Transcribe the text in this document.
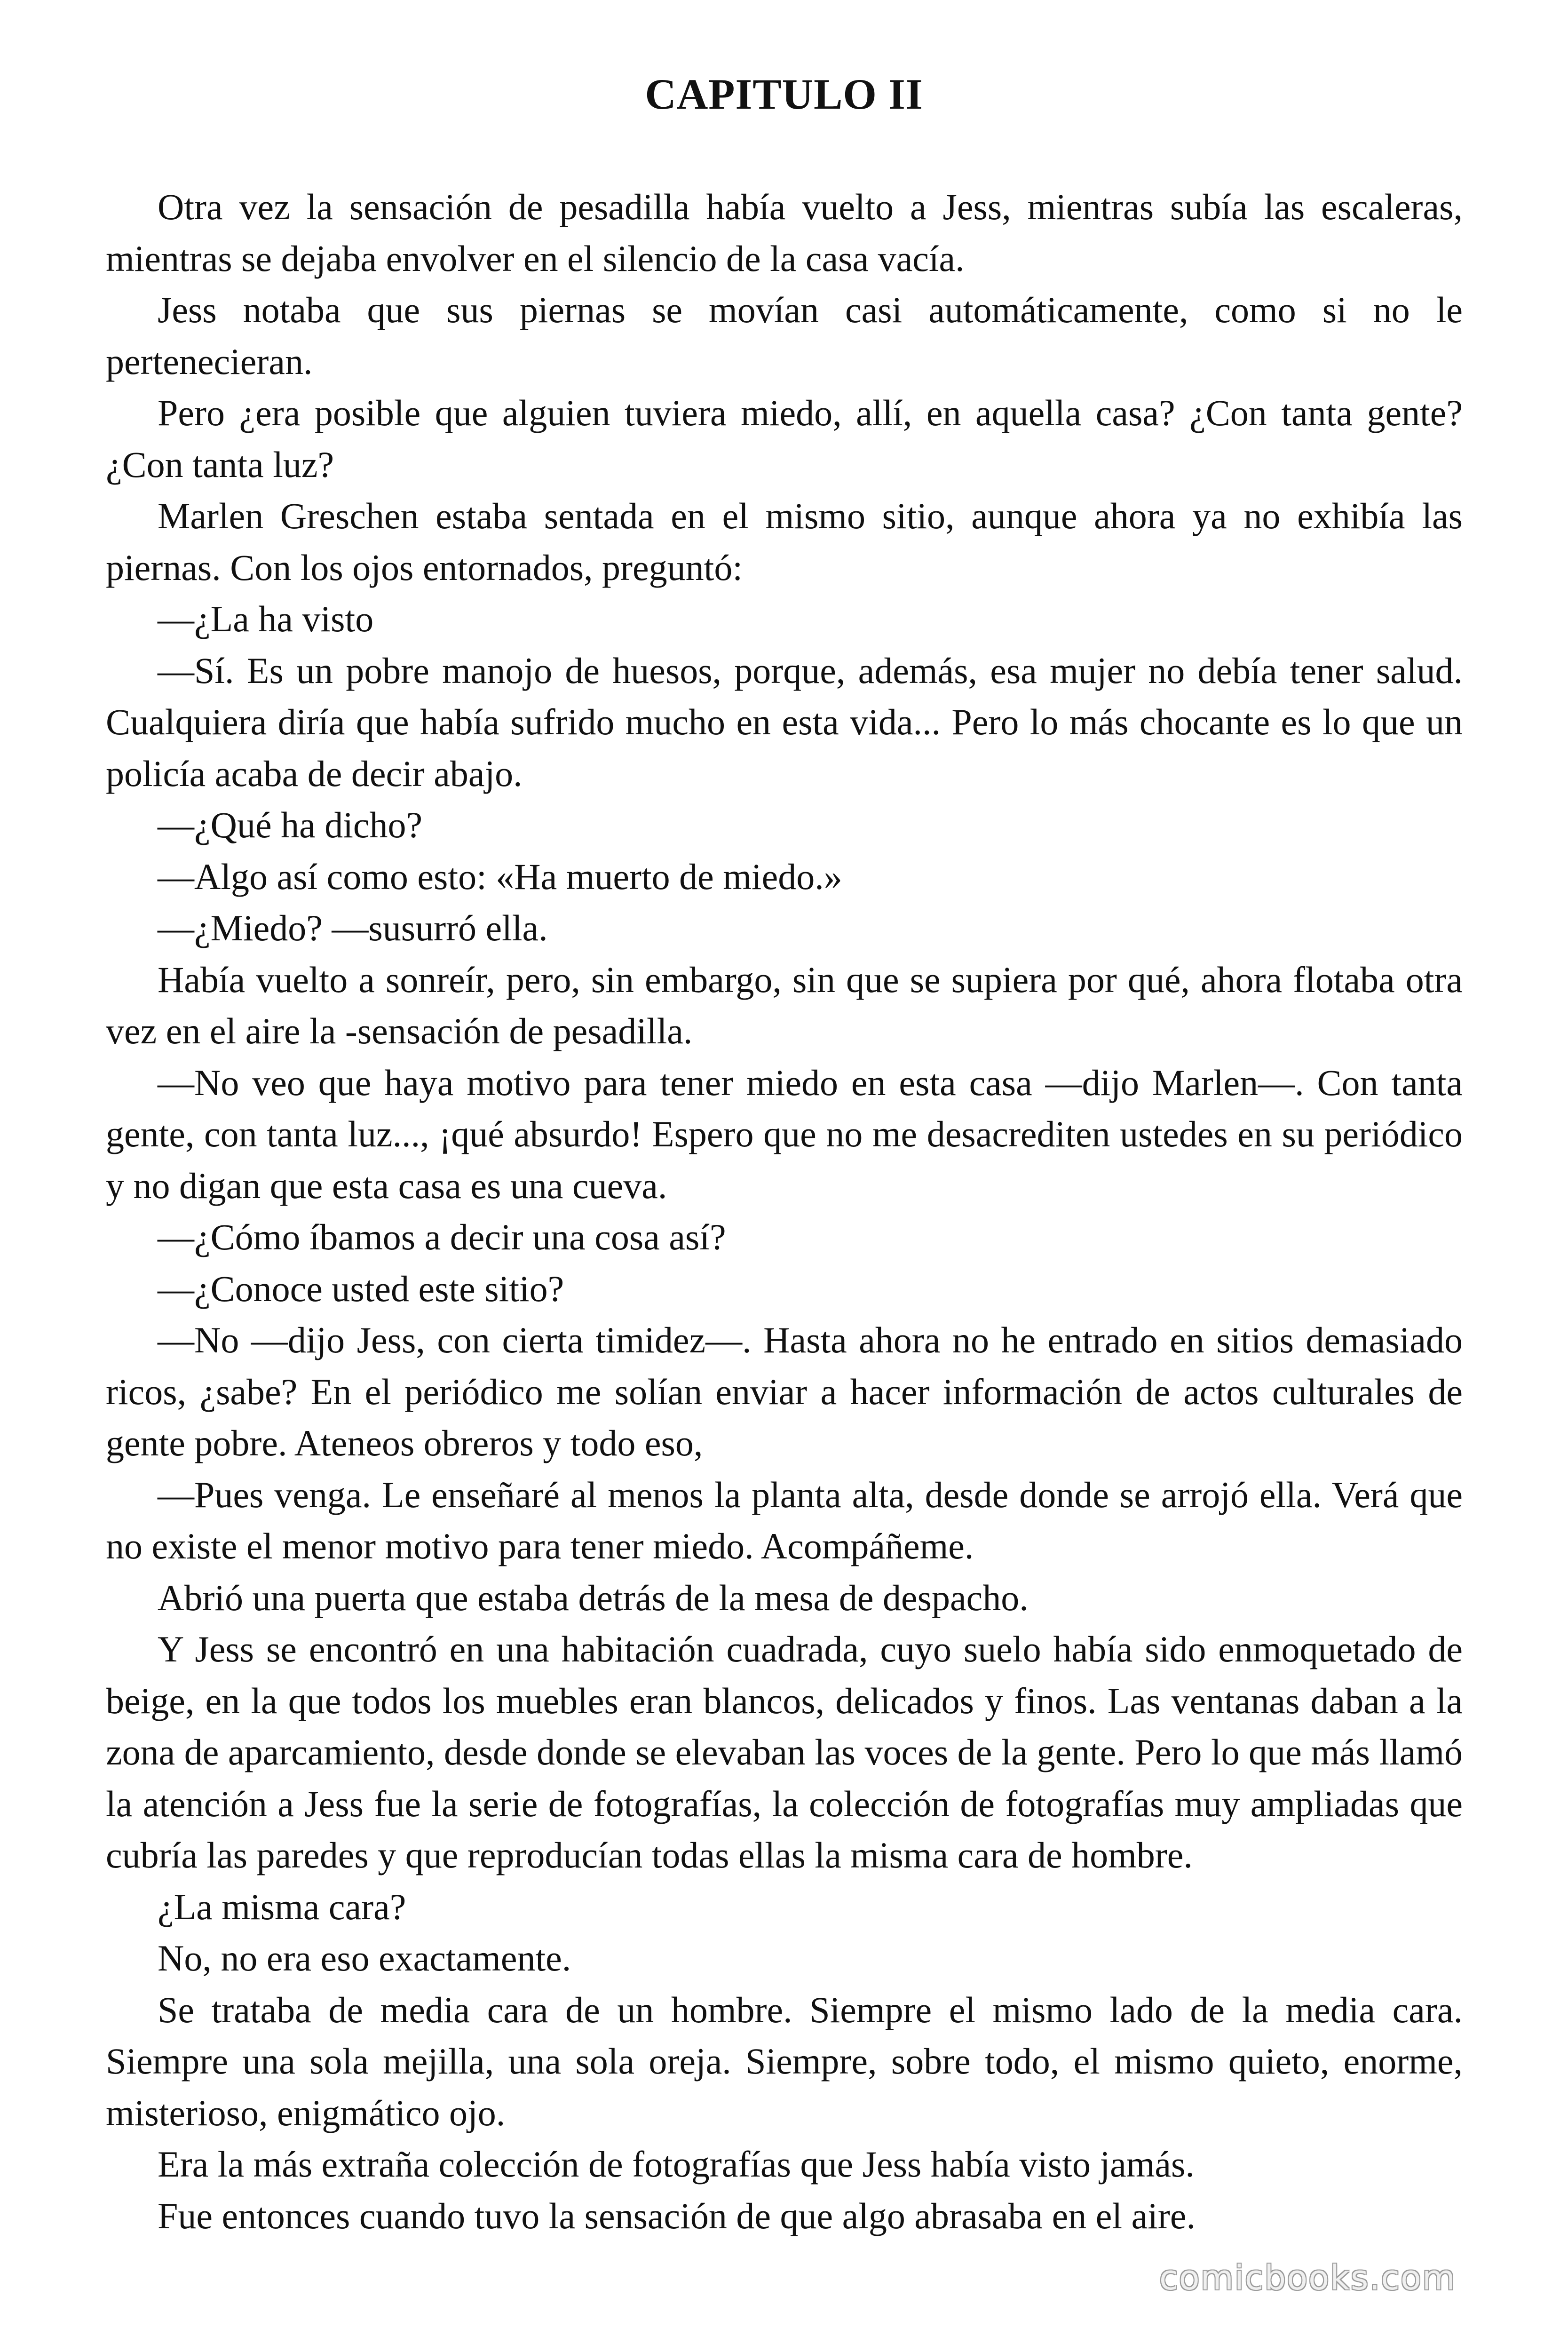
CAPITULO II

Otra vez la sensación de pesadilla había vuelto a Jess, mientras subía las escaleras, mientras se dejaba envolver en el silencio de la casa vacía.

Jess notaba que sus piernas se movían casi automáticamente, como si no le pertenecieran.

Pero ¿era posible que alguien tuviera miedo, allí, en aquella casa? ¿Con tanta gente? ¿Con tanta luz?

Marlen Greschen estaba sentada en el mismo sitio, aunque ahora ya no exhibía las piernas. Con los ojos entornados, preguntó:

—¿La ha visto

—Sí. Es un pobre manojo de huesos, porque, además, esa mujer no debía tener salud. Cualquiera diría que había sufrido mucho en esta vida... Pero lo más chocante es lo que un policía acaba de decir abajo.

—¿Qué ha dicho?

—Algo así como esto: «Ha muerto de miedo.»

—¿Miedo? —susurró ella.

Había vuelto a sonreír, pero, sin embargo, sin que se supiera por qué, ahora flotaba otra vez en el aire la -sensación de pesadilla.

—No veo que haya motivo para tener miedo en esta casa —dijo Marlen—. Con tanta gente, con tanta luz..., ¡qué absurdo! Espero que no me desacrediten ustedes en su periódico y no digan que esta casa es una cueva.

—¿Cómo íbamos a decir una cosa así?

—¿Conoce usted este sitio?

—No —dijo Jess, con cierta timidez—. Hasta ahora no he entrado en sitios demasiado ricos, ¿sabe? En el periódico me solían enviar a hacer información de actos culturales de gente pobre. Ateneos obreros y todo eso,

—Pues venga. Le enseñaré al menos la planta alta, desde donde se arrojó ella. Verá que no existe el menor motivo para tener miedo. Acompáñeme.

Abrió una puerta que estaba detrás de la mesa de despacho.

Y Jess se encontró en una habitación cuadrada, cuyo suelo había sido enmoquetado de beige, en la que todos los muebles eran blancos, delicados y finos. Las ventanas daban a la zona de aparcamiento, desde donde se elevaban las voces de la gente. Pero lo que más llamó la atención a Jess fue la serie de fotografías, la colección de fotografías muy ampliadas que cubría las paredes y que reproducían todas ellas la misma cara de hombre.

¿La misma cara?

No, no era eso exactamente.

Se trataba de media cara de un hombre. Siempre el mismo lado de la media cara. Siempre una sola mejilla, una sola oreja. Siempre, sobre todo, el mismo quieto, enorme, misterioso, enigmático ojo.

Era la más extraña colección de fotografías que Jess había visto jamás.

Fue entonces cuando tuvo la sensación de que algo abrasaba en el aire.

comicbooks.com
